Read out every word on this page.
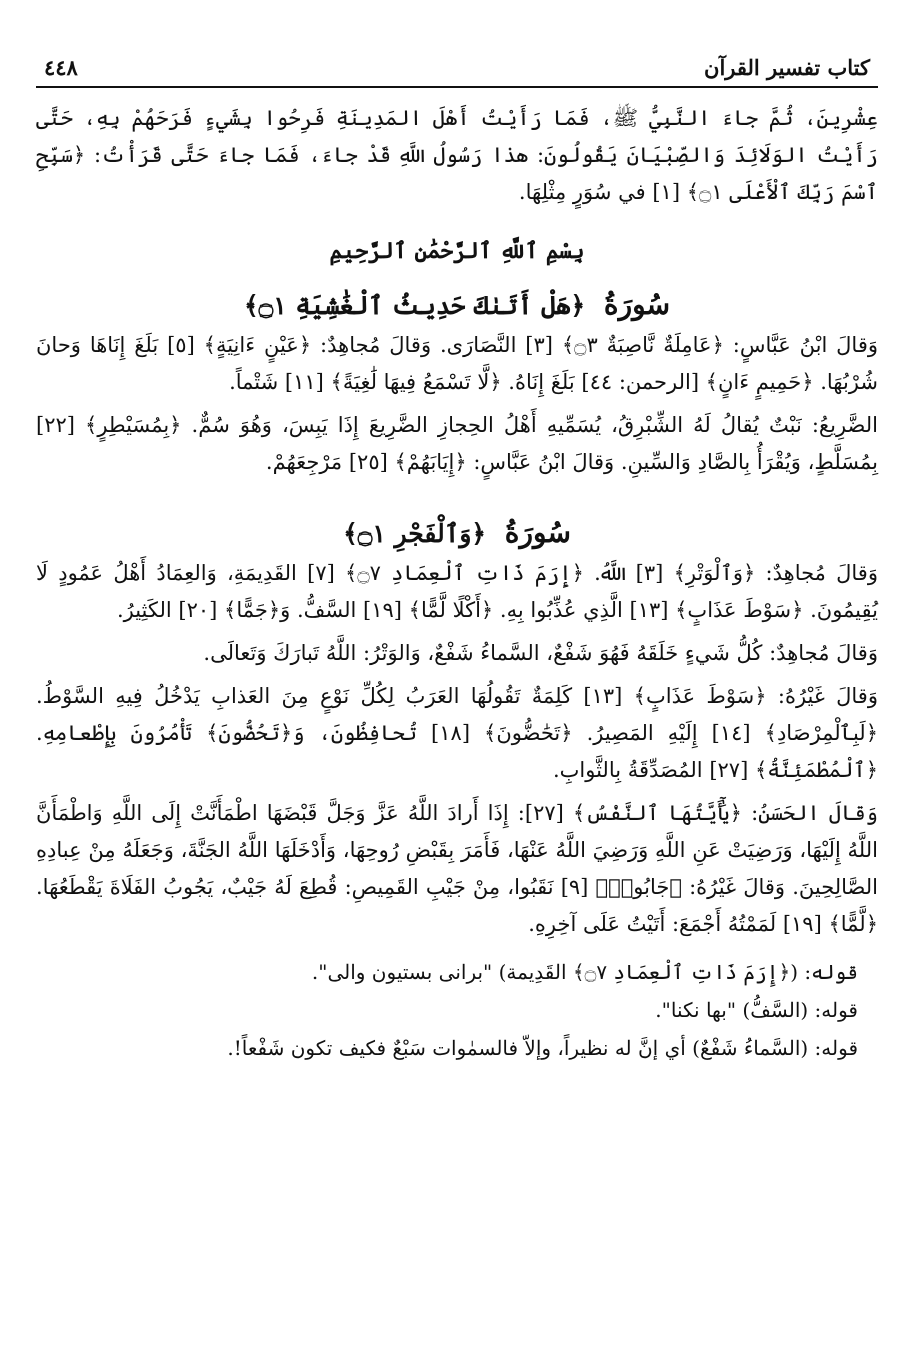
كتاب تفسير القرآن
٤٤٨

عِشْرِينَ، ثُمَّ جاءَ النَّبِيُّ ﷺ، فَمَا رَأَيْتُ أَهْلَ المَدِينَةِ فَرِحُوا بِشَيءٍ فَرَحَهُمْ بِهِ، حَتَّى رَأَيْتُ الوَلَائِدَ وَالصِّبْيَانَ يَقُولُونَ: هذا رَسُولُ اللَّهِ قَدْ جاءَ، فَمَا جاءَ حَتَّى قَرَأْتُ: ﴿سَبِّحِ ٱسْمَ رَبِّكَ ٱلْأَعْلَى ۝١﴾ [١] في سُوَرٍ مِثْلِهَا.

بِسْمِ ٱللَّهِ ٱلرَّحْمَٰنِ ٱلرَّحِيمِ
سُورَةُ ﴿هَلْ أَتَىٰكَ حَدِيثُ ٱلْغَٰشِيَةِ ۝١﴾

وَقالَ ابْنُ عَبَّاسٍ: ﴿عَامِلَةٌ نَّاصِبَةٌ ۝٣﴾ [٣] النَّصَارَى. وَقالَ مُجاهِدٌ: ﴿عَيْنٍ ءَانِيَةٍ﴾ [٥] بَلَغَ إِنَاهَا وَحانَ شُرْبُهَا. ﴿حَمِيمٍ ءَانٍ﴾ [الرحمن: ٤٤] بَلَغَ إِنَاهُ. ﴿لَّا تَسْمَعُ فِيهَا لَٰغِيَةً﴾ [١١] شَتْماً.

الضَّرِيعُ: نَبْتٌ يُقالُ لَهُ الشِّبْرِقُ، يُسَمِّيهِ أَهْلُ الحِجازِ الضَّرِيعَ إِذَا يَبِسَ، وَهُوَ سُمٌّ. ﴿بِمُسَيْطِرٍ﴾ [٢٢] بِمُسَلَّطٍ، وَيُقْرَأُ بِالصَّادِ وَالسِّينِ. وَقالَ ابْنُ عَبَّاسٍ: ﴿إِيَابَهُمْ﴾ [٢٥] مَرْجِعَهُمْ.

سُورَةُ ﴿وَٱلْفَجْرِ ۝١﴾

وَقالَ مُجاهِدٌ: ﴿وَٱلْوَتْرِ﴾ [٣] اللَّهُ. ﴿إِرَمَ ذَاتِ ٱلْعِمَادِ ۝٧﴾ [٧] القَدِيمَةِ، وَالعِمَادُ أَهْلُ عَمُودٍ لَا يُقِيمُونَ. ﴿سَوْطَ عَذَابٍ﴾ [١٣] الَّذِي عُذِّبُوا بِهِ. ﴿أَكْلًا لَّمًّا﴾ [١٩] السَّفُّ. وَ﴿جَمًّا﴾ [٢٠] الكَثِيرُ.

وَقالَ مُجاهِدٌ: كُلُّ شَيءٍ خَلَقَهُ فَهُوَ شَفْعٌ، السَّماءُ شَفْعٌ، وَالوَتْرُ: اللَّهُ تَبارَكَ وَتَعالَى.

وَقالَ غَيْرُهُ: ﴿سَوْطَ عَذَابٍ﴾ [١٣] كَلِمَةٌ تَقُولُهَا العَرَبُ لِكُلِّ نَوْعٍ مِنَ العَذابِ يَدْخُلُ فِيهِ السَّوْطُ. ﴿لَبِٱلْمِرْصَادِ﴾ [١٤] إِلَيْهِ المَصِيرُ. ﴿تَحَٰضُّونَ﴾ [١٨] تُحافِظُونَ، وَ﴿تَحُضُّونَ﴾ تَأْمُرُونَ بِإِطْعامِهِ. ﴿ٱلْمُطْمَئِنَّةُ﴾ [٢٧] المُصَدِّقَةُ بِالثَّوابِ.

وَقالَ الحَسَنُ: ﴿يَٰٓأَيَّتُهَا ٱلنَّفْسُ﴾ [٢٧]: إِذَا أَرادَ اللَّهُ عَزَّ وَجَلَّ قَبْضَهَا اطْمَأَنَّتْ إِلَى اللَّهِ وَاطْمَأَنَّ اللَّهُ إِلَيْهَا، وَرَضِيَتْ عَنِ اللَّهِ وَرَضِيَ اللَّهُ عَنْهَا، فَأَمَرَ بِقَبْضِ رُوحِهَا، وَأَدْخَلَهَا اللَّهُ الجَنَّةَ، وَجَعَلَهُ مِنْ عِبادِهِ الصَّالِحِينَ. وَقالَ غَيْرُهُ: ﴿جَابُوا۟﴾ [٩] نَقَبُوا، مِنْ جَيْبِ القَمِيصِ: قُطِعَ لَهُ جَيْبٌ، يَجُوبُ الفَلَاةَ يَقْطَعُهَا. ﴿لَّمًّا﴾ [١٩] لَمَمْتُهُ أَجْمَعَ: أَتَيْتُ عَلَى آخِرِهِ.

قوله: (﴿إِرَمَ ذَاتِ ٱلْعِمَادِ ۝٧﴾ القَدِيمة) "برانى بستيون والى".

قوله: (السَّفُّ) "بها نكنا".

قوله: (السَّماءُ شَفْعٌ) أي إنَّ له نظيراً، وإلاّ فالسمٰوات سَبْعٌ فكيف تكون شَفْعاً!.
